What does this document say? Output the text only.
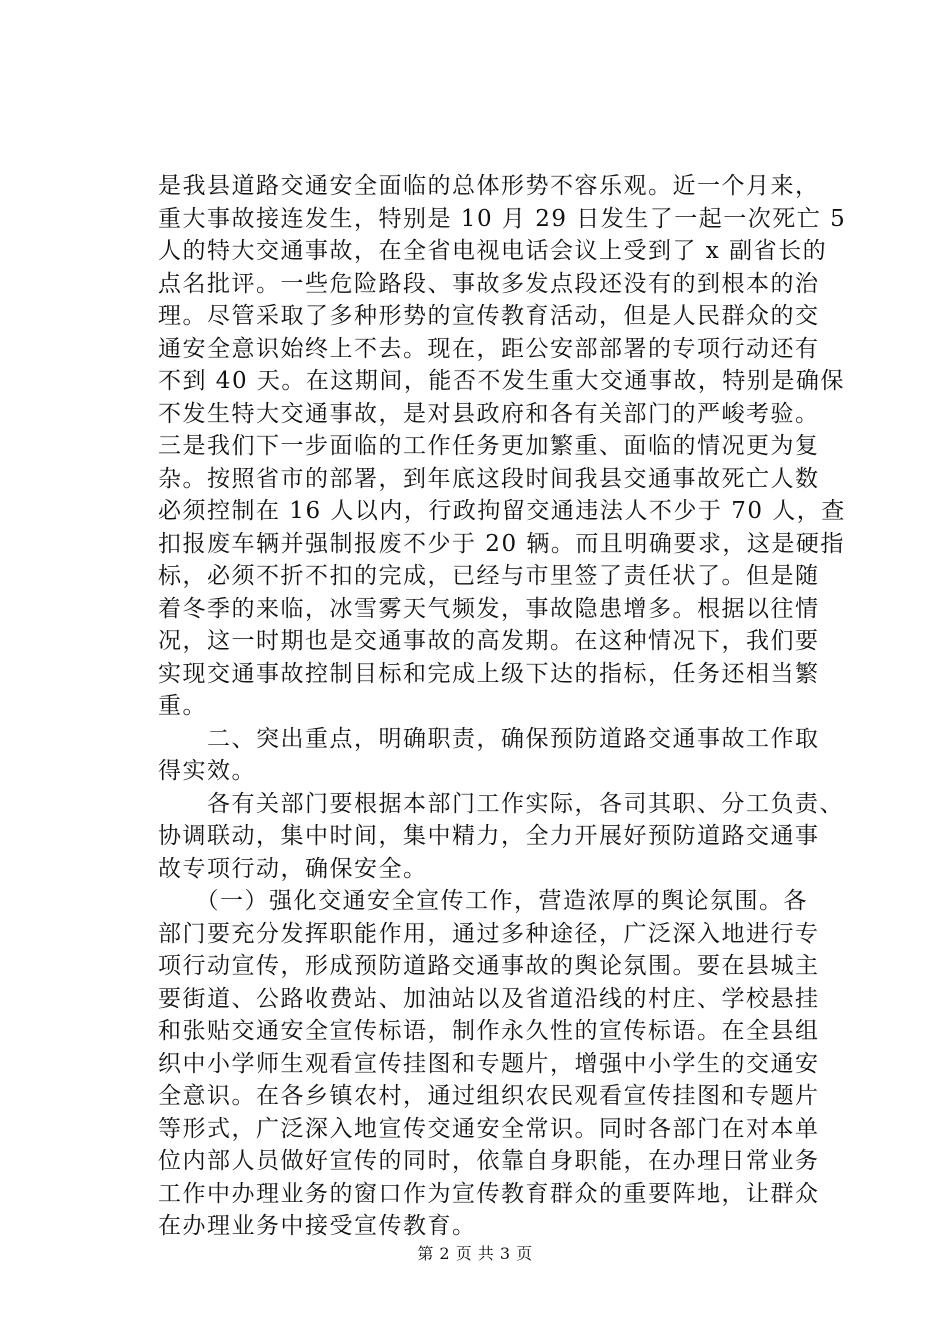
是我县道路交通安全面临的总体形势不容乐观。近一个月来，
重大事故接连发生，特别是 10 月 29 日发生了一起一次死亡 5
人的特大交通事故，在全省电视电话会议上受到了 x 副省长的
点名批评。一些危险路段、事故多发点段还没有的到根本的治
理。尽管采取了多种形势的宣传教育活动，但是人民群众的交
通安全意识始终上不去。现在，距公安部部署的专项行动还有
不到 40 天。在这期间，能否不发生重大交通事故，特别是确保
不发生特大交通事故，是对县政府和各有关部门的严峻考验。
三是我们下一步面临的工作任务更加繁重、面临的情况更为复
杂。按照省市的部署，到年底这段时间我县交通事故死亡人数
必须控制在 16 人以内，行政拘留交通违法人不少于 70 人，查
扣报废车辆并强制报废不少于 20 辆。而且明确要求，这是硬指
标，必须不折不扣的完成，已经与市里签了责任状了。但是随
着冬季的来临，冰雪雾天气频发，事故隐患增多。根据以往情
况，这一时期也是交通事故的高发期。在这种情况下，我们要
实现交通事故控制目标和完成上级下达的指标，任务还相当繁
重。
　　二、突出重点，明确职责，确保预防道路交通事故工作取
得实效。
　　各有关部门要根据本部门工作实际，各司其职、分工负责、
协调联动，集中时间，集中精力，全力开展好预防道路交通事
故专项行动，确保安全。
　　（一）强化交通安全宣传工作，营造浓厚的舆论氛围。各
部门要充分发挥职能作用，通过多种途径，广泛深入地进行专
项行动宣传，形成预防道路交通事故的舆论氛围。要在县城主
要街道、公路收费站、加油站以及省道沿线的村庄、学校悬挂
和张贴交通安全宣传标语，制作永久性的宣传标语。在全县组
织中小学师生观看宣传挂图和专题片，增强中小学生的交通安
全意识。在各乡镇农村，通过组织农民观看宣传挂图和专题片
等形式，广泛深入地宣传交通安全常识。同时各部门在对本单
位内部人员做好宣传的同时，依靠自身职能，在办理日常业务
工作中办理业务的窗口作为宣传教育群众的重要阵地，让群众
在办理业务中接受宣传教育。
第 2 页 共 3 页
